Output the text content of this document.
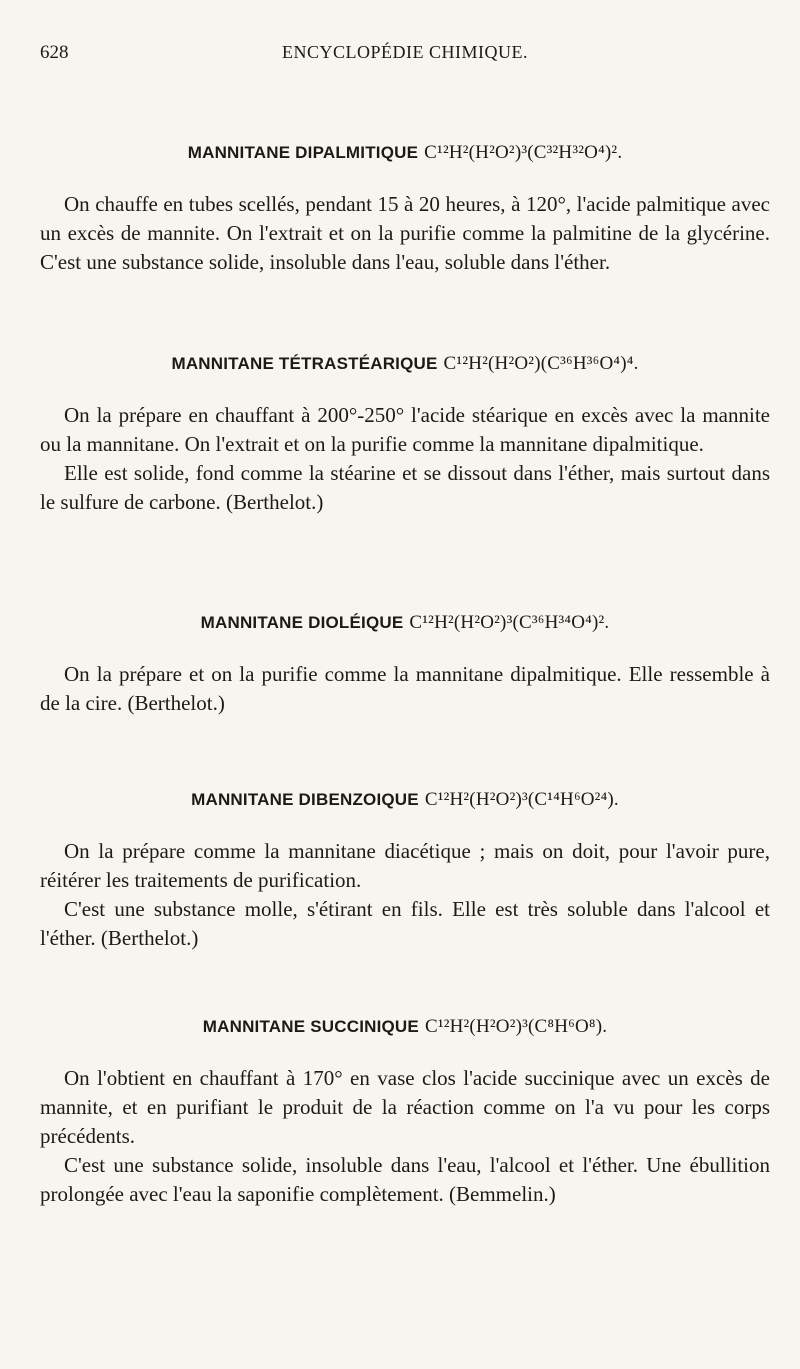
628	ENCYCLOPÉDIE CHIMIQUE.
MANNITANE DIPALMITIQUE C¹²H²(H²O²)³(C³²H³²O⁴)².

On chauffe en tubes scellés, pendant 15 à 20 heures, à 120°, l'acide palmitique avec un excès de mannite. On l'extrait et on la purifie comme la palmitine de la glycérine. C'est une substance solide, insoluble dans l'eau, soluble dans l'éther.

MANNITANE TÉTRASTÉARIQUE C¹²H²(H²O²)(C³⁶H³⁶O⁴)⁴.

On la prépare en chauffant à 200°-250° l'acide stéarique en excès avec la mannite ou la mannitane. On l'extrait et on la purifie comme la mannitane dipalmitique.

Elle est solide, fond comme la stéarine et se dissout dans l'éther, mais surtout dans le sulfure de carbone. (Berthelot.)

MANNITANE DIOLÉIQUE C¹²H²(H²O²)³(C³⁶H³⁴O⁴)².

On la prépare et on la purifie comme la mannitane dipalmitique. Elle ressemble à de la cire. (Berthelot.)

MANNITANE DIBENZOIQUE C¹²H²(H²O²)³(C¹⁴H⁶O²⁴).

On la prépare comme la mannitane diacétique ; mais on doit, pour l'avoir pure, réitérer les traitements de purification.

C'est une substance molle, s'étirant en fils. Elle est très soluble dans l'alcool et l'éther. (Berthelot.)

MANNITANE SUCCINIQUE C¹²H²(H²O²)³(C⁸H⁶O⁸).

On l'obtient en chauffant à 170° en vase clos l'acide succinique avec un excès de mannite, et en purifiant le produit de la réaction comme on l'a vu pour les corps précédents.

C'est une substance solide, insoluble dans l'eau, l'alcool et l'éther. Une ébullition prolongée avec l'eau la saponifie complètement. (Bemmelin.)
